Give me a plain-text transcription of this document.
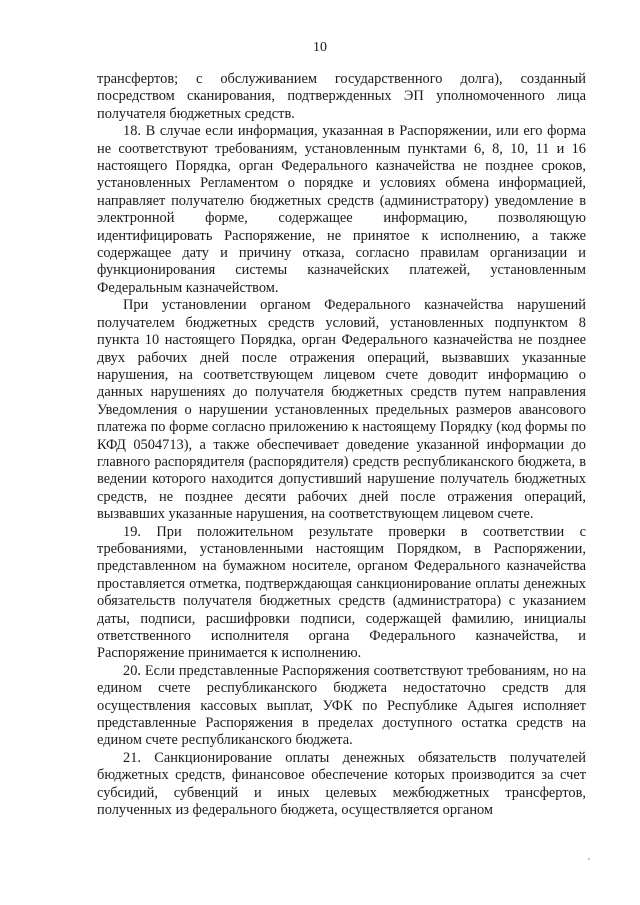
10

трансфертов; с обслуживанием государственного долга), созданный посредством сканирования, подтвержденных ЭП уполномоченного лица получателя бюджетных средств.

18. В случае если информация, указанная в Распоряжении, или его форма не соответствуют требованиям, установленным пунктами 6, 8, 10, 11 и 16 настоящего Порядка, орган Федерального казначейства не позднее сроков, установленных Регламентом о порядке и условиях обмена информацией, направляет получателю бюджетных средств (администратору) уведомление в электронной форме, содержащее информацию, позволяющую идентифицировать Распоряжение, не принятое к исполнению, а также содержащее дату и причину отказа, согласно правилам организации и функционирования системы казначейских платежей, установленным Федеральным казначейством.

При установлении органом Федерального казначейства нарушений получателем бюджетных средств условий, установленных подпунктом 8 пункта 10 настоящего Порядка, орган Федерального казначейства не позднее двух рабочих дней после отражения операций, вызвавших указанные нарушения, на соответствующем лицевом счете доводит информацию о данных нарушениях до получателя бюджетных средств путем направления Уведомления о нарушении установленных предельных размеров авансового платежа по форме согласно приложению к настоящему Порядку (код формы по КФД 0504713), а также обеспечивает доведение указанной информации до главного распорядителя (распорядителя) средств республиканского бюджета, в ведении которого находится допустивший нарушение получатель бюджетных средств, не позднее десяти рабочих дней после отражения операций, вызвавших указанные нарушения, на соответствующем лицевом счете.

19. При положительном результате проверки в соответствии с требованиями, установленными настоящим Порядком, в Распоряжении, представленном на бумажном носителе, органом Федерального казначейства проставляется отметка, подтверждающая санкционирование оплаты денежных обязательств получателя бюджетных средств (администратора) с указанием даты, подписи, расшифровки подписи, содержащей фамилию, инициалы ответственного исполнителя органа Федерального казначейства, и Распоряжение принимается к исполнению.

20. Если представленные Распоряжения соответствуют требованиям, но на едином счете республиканского бюджета недостаточно средств для осуществления кассовых выплат, УФК по Республике Адыгея исполняет представленные Распоряжения в пределах доступного остатка средств на едином счете республиканского бюджета.

21. Санкционирование оплаты денежных обязательств получателей бюджетных средств, финансовое обеспечение которых производится за счет субсидий, субвенций и иных целевых межбюджетных трансфертов, полученных из федерального бюджета, осуществляется органом
